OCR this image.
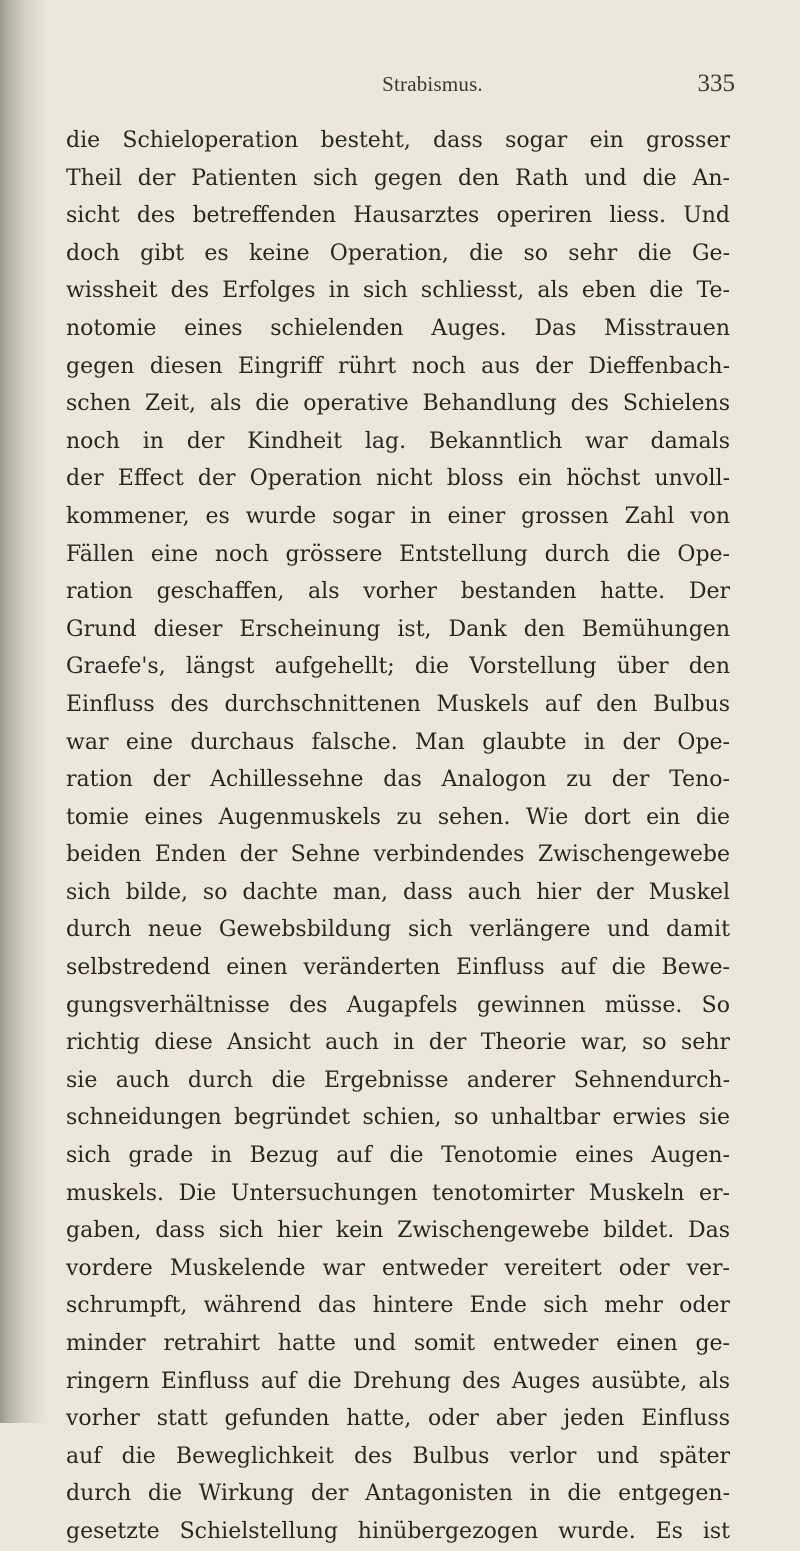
Strabismus.	335
die Schieloperation besteht, dass sogar ein grosser
Theil der Patienten sich gegen den Rath und die An-
sicht des betreffenden Hausarztes operiren liess. Und
doch gibt es keine Operation, die so sehr die Ge-
wissheit des Erfolges in sich schliesst, als eben die Te-
notomie eines schielenden Auges. Das Misstrauen
gegen diesen Eingriff rührt noch aus der Dieffenbach-
schen Zeit, als die operative Behandlung des Schielens
noch in der Kindheit lag. Bekanntlich war damals
der Effect der Operation nicht bloss ein höchst unvoll-
kommener, es wurde sogar in einer grossen Zahl von
Fällen eine noch grössere Entstellung durch die Ope-
ration geschaffen, als vorher bestanden hatte. Der
Grund dieser Erscheinung ist, Dank den Bemühungen
Graefe's, längst aufgehellt; die Vorstellung über den
Einfluss des durchschnittenen Muskels auf den Bulbus
war eine durchaus falsche. Man glaubte in der Ope-
ration der Achillessehne das Analogon zu der Teno-
tomie eines Augenmuskels zu sehen. Wie dort ein die
beiden Enden der Sehne verbindendes Zwischengewebe
sich bilde, so dachte man, dass auch hier der Muskel
durch neue Gewebsbildung sich verlängere und damit
selbstredend einen veränderten Einfluss auf die Bewe-
gungsverhältnisse des Augapfels gewinnen müsse. So
richtig diese Ansicht auch in der Theorie war, so sehr
sie auch durch die Ergebnisse anderer Sehnendurch-
schneidungen begründet schien, so unhaltbar erwies sie
sich grade in Bezug auf die Tenotomie eines Augen-
muskels. Die Untersuchungen tenotomirter Muskeln er-
gaben, dass sich hier kein Zwischengewebe bildet. Das
vordere Muskelende war entweder vereitert oder ver-
schrumpft, während das hintere Ende sich mehr oder
minder retrahirt hatte und somit entweder einen ge-
ringern Einfluss auf die Drehung des Auges ausübte, als
vorher statt gefunden hatte, oder aber jeden Einfluss
auf die Beweglichkeit des Bulbus verlor und später
durch die Wirkung der Antagonisten in die entgegen-
gesetzte Schielstellung hinübergezogen wurde. Es ist
